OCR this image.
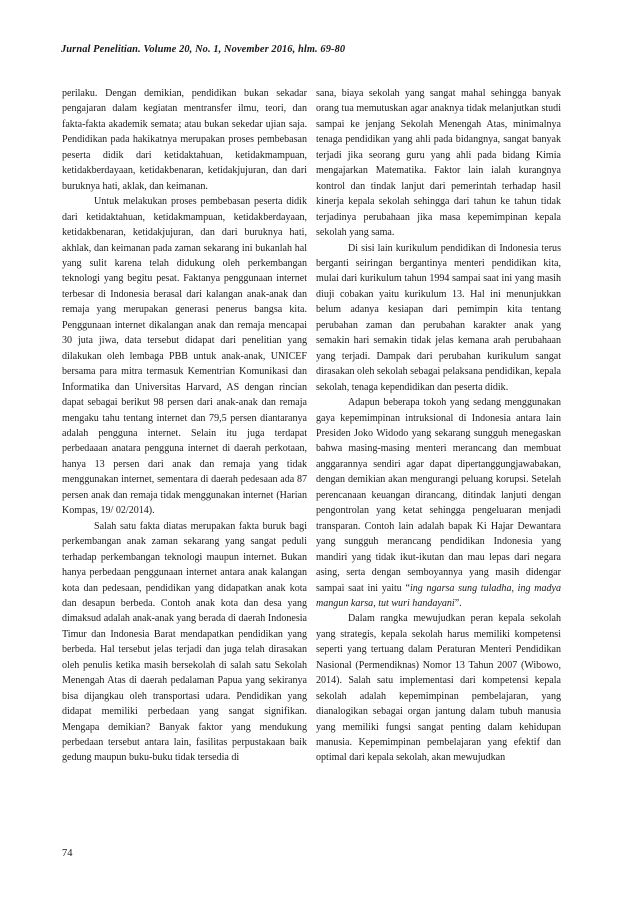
Jurnal Penelitian. Volume 20, No. 1, November 2016, hlm. 69-80

perilaku. Dengan demikian, pendidikan bukan sekadar pengajaran dalam kegiatan mentransfer ilmu, teori, dan fakta-fakta akademik semata; atau bukan sekedar ujian saja. Pendidikan pada hakikatnya merupakan proses pembebasan peserta didik dari ketidaktahuan, ketidakmampuan, ketidakberdayaan, ketidakbenaran, ketidakjujuran, dan dari buruknya hati, aklak, dan keimanan.

Untuk melakukan proses pembebasan peserta didik dari ketidaktahuan, ketidakmampuan, ketidakberdayaan, ketidakbenaran, ketidakjujuran, dan dari buruknya hati, akhlak, dan keimanan pada zaman sekarang ini bukanlah hal yang sulit karena telah didukung oleh perkembangan teknologi yang begitu pesat. Faktanya penggunaan internet terbesar di Indonesia berasal dari kalangan anak-anak dan remaja yang merupakan generasi penerus bangsa kita. Penggunaan internet dikalangan anak dan remaja mencapai 30 juta jiwa, data tersebut didapat dari penelitian yang dilakukan oleh lembaga PBB untuk anak-anak, UNICEF bersama para mitra termasuk Kementrian Komunikasi dan Informatika dan Universitas Harvard, AS dengan rincian dapat sebagai berikut 98 persen dari anak-anak dan remaja mengaku tahu tentang internet dan 79,5 persen diantaranya adalah pengguna internet. Selain itu juga terdapat perbedaaan anatara pengguna internet di daerah perkotaan, hanya 13 persen dari anak dan remaja yang tidak menggunakan internet, sementara di daerah pedesaan ada 87 persen anak dan remaja tidak menggunakan internet (Harian Kompas, 19/ 02/2014).

Salah satu fakta diatas merupakan fakta buruk bagi perkembangan anak zaman sekarang yang sangat peduli terhadap perkembangan teknologi maupun internet. Bukan hanya perbedaan penggunaan internet antara anak kalangan kota dan pedesaan, pendidikan yang didapatkan anak kota dan desapun berbeda. Contoh anak kota dan desa yang dimaksud adalah anak-anak yang berada di daerah Indonesia Timur dan Indonesia Barat mendapatkan pendidikan yang berbeda. Hal tersebut jelas terjadi dan juga telah dirasakan oleh penulis ketika masih bersekolah di salah satu Sekolah Menengah Atas di daerah pedalaman Papua yang sekiranya bisa dijangkau oleh transportasi udara. Pendidikan yang didapat memiliki perbedaan yang sangat signifikan. Mengapa demikian? Banyak faktor yang mendukung perbedaan tersebut antara lain, fasilitas perpustakaan baik gedung maupun buku-buku tidak tersedia di

sana, biaya sekolah yang sangat mahal sehingga banyak orang tua memutuskan agar anaknya tidak melanjutkan studi sampai ke jenjang Sekolah Menengah Atas, minimalnya tenaga pendidikan yang ahli pada bidangnya, sangat banyak terjadi jika seorang guru yang ahli pada bidang Kimia mengajarkan Matematika. Faktor lain ialah kurangnya kontrol dan tindak lanjut dari pemerintah terhadap hasil kinerja kepala sekolah sehingga dari tahun ke tahun tidak terjadinya perubahaan jika masa kepemimpinan kepala sekolah yang sama.

Di sisi lain kurikulum pendidikan di Indonesia terus berganti seiringan bergantinya menteri pendidikan kita, mulai dari kurikulum tahun 1994 sampai saat ini yang masih diuji cobakan yaitu kurikulum 13. Hal ini menunjukkan belum adanya kesiapan dari pemimpin kita tentang perubahan zaman dan perubahan karakter anak yang semakin hari semakin tidak jelas kemana arah perubahaan yang terjadi. Dampak dari perubahan kurikulum sangat dirasakan oleh sekolah sebagai pelaksana pendidikan, kepala sekolah, tenaga kependidikan dan peserta didik.

Adapun beberapa tokoh yang sedang menggunakan gaya kepemimpinan intruksional di Indonesia antara lain Presiden Joko Widodo yang sekarang sungguh menegaskan bahwa masing-masing menteri merancang dan membuat anggarannya sendiri agar dapat dipertanggungjawabakan, dengan demikian akan mengurangi peluang korupsi. Setelah perencanaan keuangan dirancang, ditindak lanjuti dengan pengontrolan yang ketat sehingga pengeluaran menjadi transparan. Contoh lain adalah bapak Ki Hajar Dewantara yang sungguh merancang pendidikan Indonesia yang mandiri yang tidak ikut-ikutan dan mau lepas dari negara asing, serta dengan semboyannya yang masih didengar sampai saat ini yaitu “ing ngarsa sung tuladha, ing madya mangun karsa, tut wuri handayani”.

Dalam rangka mewujudkan peran kepala sekolah yang strategis, kepala sekolah harus memiliki kompetensi seperti yang tertuang dalam Peraturan Menteri Pendidikan Nasional (Permendiknas) Nomor 13 Tahun 2007 (Wibowo, 2014). Salah satu implementasi dari kompetensi kepala sekolah adalah kepemimpinan pembelajaran, yang dianalogikan sebagai organ jantung dalam tubuh manusia yang memiliki fungsi sangat penting dalam kehidupan manusia. Kepemimpinan pembelajaran yang efektif dan optimal dari kepala sekolah, akan mewujudkan

74
